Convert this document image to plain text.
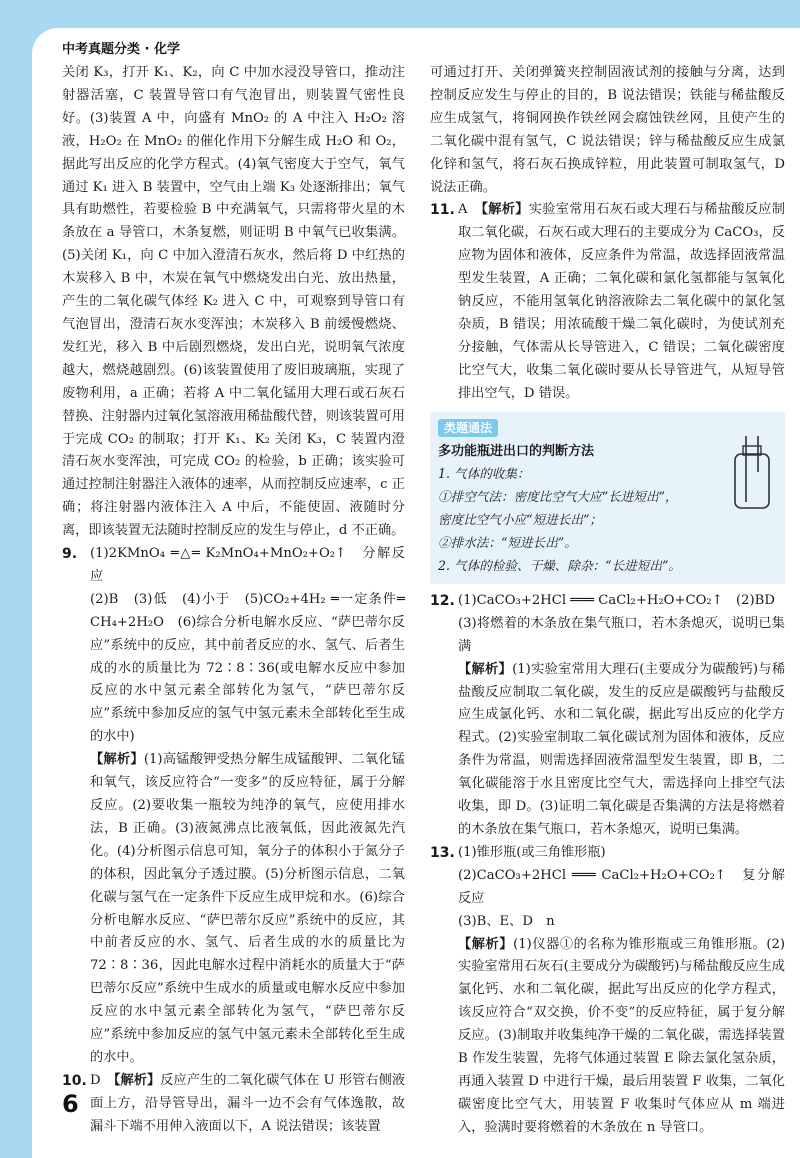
中考真题分类 · 化学

关闭 K₃，打开 K₁、K₂，向 C 中加水浸没导管口，推动注射器活塞，C 装置导管口有气泡冒出，则装置气密性良好。(3)装置 A 中，向盛有 MnO₂ 的 A 中注入 H₂O₂ 溶液，H₂O₂ 在 MnO₂ 的催化作用下分解生成 H₂O 和 O₂，据此写出反应的化学方程式。(4)氧气密度大于空气，氧气通过 K₁ 进入 B 装置中，空气由上端 K₃ 处逐渐排出；氧气具有助燃性，若要检验 B 中充满氧气，只需将带火星的木条放在 a 导管口，木条复燃，则证明 B 中氧气已收集满。(5)关闭 K₁，向 C 中加入澄清石灰水，然后将 D 中红热的木炭移入 B 中，木炭在氧气中燃烧发出白光、放出热量，产生的二氧化碳气体经 K₂ 进入 C 中，可观察到导管口有气泡冒出，澄清石灰水变浑浊；木炭移入 B 前缓慢燃烧、发红光，移入 B 中后剧烈燃烧，发出白光，说明氧气浓度越大，燃烧越剧烈。(6)该装置使用了废旧玻璃瓶，实现了废物利用，a 正确；若将 A 中二氧化锰用大理石或石灰石替换、注射器内过氧化氢溶液用稀盐酸代替，则该装置可用于完成 CO₂ 的制取；打开 K₁、K₂ 关闭 K₃，C 装置内澄清石灰水变浑浊，可完成 CO₂ 的检验，b 正确；该实验可通过控制注射器注入液体的速率，从而控制反应速率，c 正确；将注射器内液体注入 A 中后，不能使固、液随时分离，即该装置无法随时控制反应的发生与停止，d 不正确。

9. (1)2KMnO₄ ═△═ K₂MnO₄+MnO₂+O₂↑　分解反应

(2)B　(3)低　(4)小于　(5)CO₂+4H₂ ═一定条件═ CH₄+2H₂O　(6)综合分析电解水反应、“萨巴蒂尔反应”系统中的反应，其中前者反应的水、氢气、后者生成的水的质量比为 72∶8∶36(或电解水反应中参加反应的水中氢元素全部转化为氢气，“萨巴蒂尔反应”系统中参加反应的氢气中氢元素未全部转化至生成的水中)

【解析】(1)高锰酸钾受热分解生成锰酸钾、二氧化锰和氧气，该反应符合“一变多”的反应特征，属于分解反应。(2)要收集一瓶较为纯净的氧气，应使用排水法，B 正确。(3)液氮沸点比液氧低，因此液氮先汽化。(4)分析图示信息可知，氧分子的体积小于氮分子的体积，因此氧分子透过膜。(5)分析图示信息，二氧化碳与氢气在一定条件下反应生成甲烷和水。(6)综合分析电解水反应、“萨巴蒂尔反应”系统中的反应，其中前者反应的水、氢气、后者生成的水的质量比为 72∶8∶36，因此电解水过程中消耗水的质量大于“萨巴蒂尔反应”系统中生成水的质量或电解水反应中参加反应的水中氢元素全部转化为氢气，“萨巴蒂尔反应”系统中参加反应的氢气中氢元素未全部转化至生成的水中。

10. D　【解析】反应产生的二氧化碳气体在 U 形管右侧液面上方，沿导管导出，漏斗一边不会有气体逸散，故漏斗下端不用伸入液面以下，A 说法错误；该装置

可通过打开、关闭弹簧夹控制固液试剂的接触与分离，达到控制反应发生与停止的目的，B 说法错误；铁能与稀盐酸反应生成氢气，将铜网换作铁丝网会腐蚀铁丝网，且使产生的二氧化碳中混有氢气，C 说法错误；锌与稀盐酸反应生成氯化锌和氢气，将石灰石换成锌粒，用此装置可制取氢气，D 说法正确。

11. A　【解析】实验室常用石灰石或大理石与稀盐酸反应制取二氧化碳，石灰石或大理石的主要成分为 CaCO₃，反应物为固体和液体，反应条件为常温，故选择固液常温型发生装置，A 正确；二氧化碳和氯化氢都能与氢氧化钠反应，不能用氢氧化钠溶液除去二氧化碳中的氯化氢杂质，B 错误；用浓硫酸干燥二氧化碳时，为使试剂充分接触，气体需从长导管进入，C 错误；二氧化碳密度比空气大，收集二氧化碳时要从长导管进气，从短导管排出空气，D 错误。

类题通法
多功能瓶进出口的判断方法
1. 气体的收集：
①排空气法：密度比空气大应“长进短出”，
密度比空气小应“短进长出”；
②排水法：“短进长出”。
2. 气体的检验、干燥、除杂：“长进短出”。
12. (1)CaCO₃+2HCl ═══ CaCl₂+H₂O+CO₂↑　(2)BD

(3)将燃着的木条放在集气瓶口，若木条熄灭，说明已集满

【解析】(1)实验室常用大理石(主要成分为碳酸钙)与稀盐酸反应制取二氧化碳，发生的反应是碳酸钙与盐酸反应生成氯化钙、水和二氧化碳，据此写出反应的化学方程式。(2)实验室制取二氧化碳试剂为固体和液体，反应条件为常温，则需选择固液常温型发生装置，即 B，二氧化碳能溶于水且密度比空气大，需选择向上排空气法收集，即 D。(3)证明二氧化碳是否集满的方法是将燃着的木条放在集气瓶口，若木条熄灭，说明已集满。

13. (1)锥形瓶(或三角锥形瓶)

(2)CaCO₃+2HCl ═══ CaCl₂+H₂O+CO₂↑　复分解反应

(3)B、E、D　n

【解析】(1)仪器①的名称为锥形瓶或三角锥形瓶。(2)实验室常用石灰石(主要成分为碳酸钙)与稀盐酸反应生成氯化钙、水和二氧化碳，据此写出反应的化学方程式，该反应符合“双交换，价不变”的反应特征，属于复分解反应。(3)制取并收集纯净干燥的二氧化碳，需选择装置 B 作发生装置，先将气体通过装置 E 除去氯化氢杂质，再通入装置 D 中进行干燥，最后用装置 F 收集，二氧化碳密度比空气大，用装置 F 收集时气体应从 m 端进入，验满时要将燃着的木条放在 n 导管口。

6
